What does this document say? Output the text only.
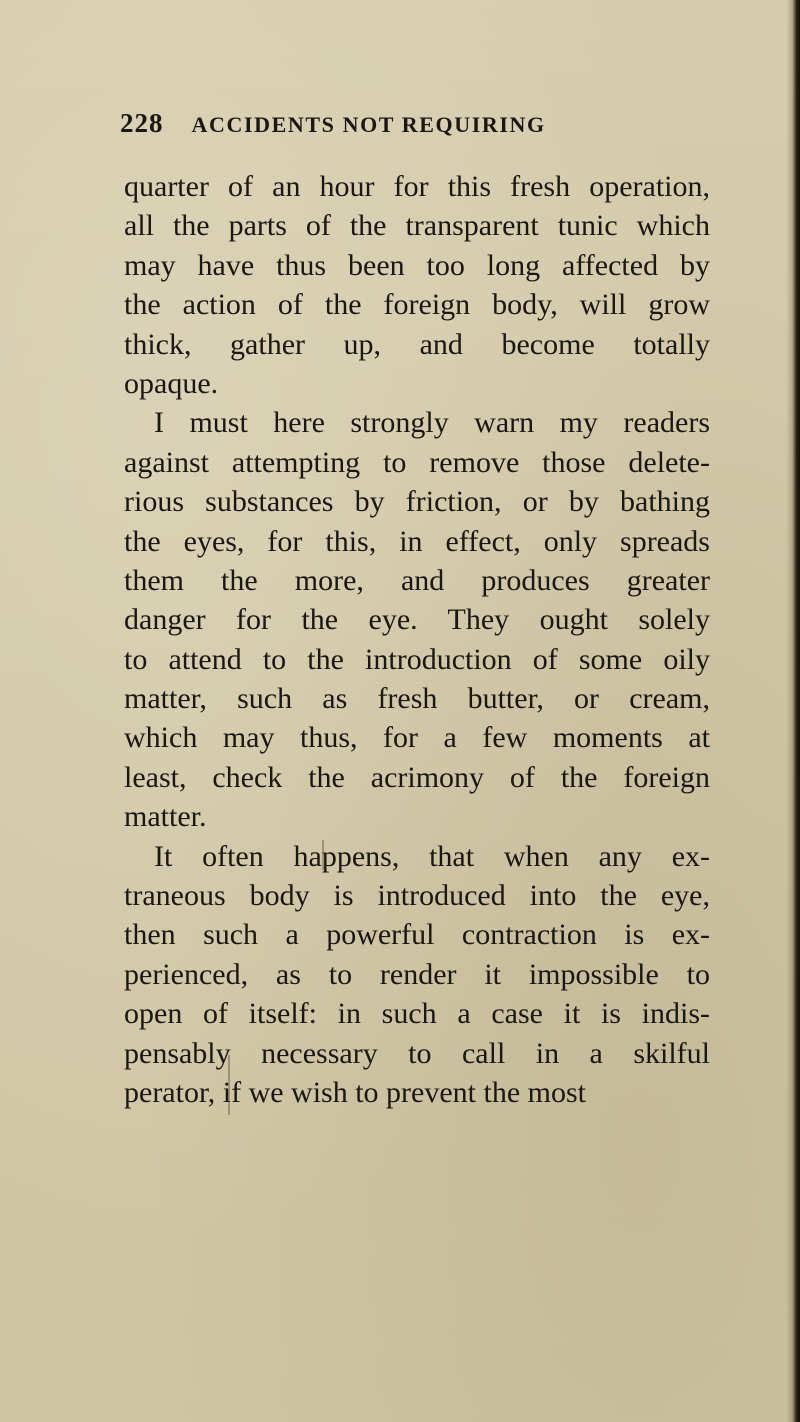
228 ACCIDENTS NOT REQUIRING
quarter of an hour for this fresh operation,
all the parts of the transparent tunic which
may have thus been too long affected by
the action of the foreign body, will grow
thick, gather up, and become totally
opaque.
I must here strongly warn my readers
against attempting to remove those delete-
rious substances by friction, or by bathing
the eyes, for this, in effect, only spreads
them the more, and produces greater
danger for the eye. They ought solely
to attend to the introduction of some oily
matter, such as fresh butter, or cream,
which may thus, for a few moments at
least, check the acrimony of the foreign
matter.
It often happens, that when any ex-
traneous body is introduced into the eye,
then such a powerful contraction is ex-
perienced, as to render it impossible to
open of itself: in such a case it is indis-
pensably necessary to call in a skilful
perator, if we wish to prevent the most
